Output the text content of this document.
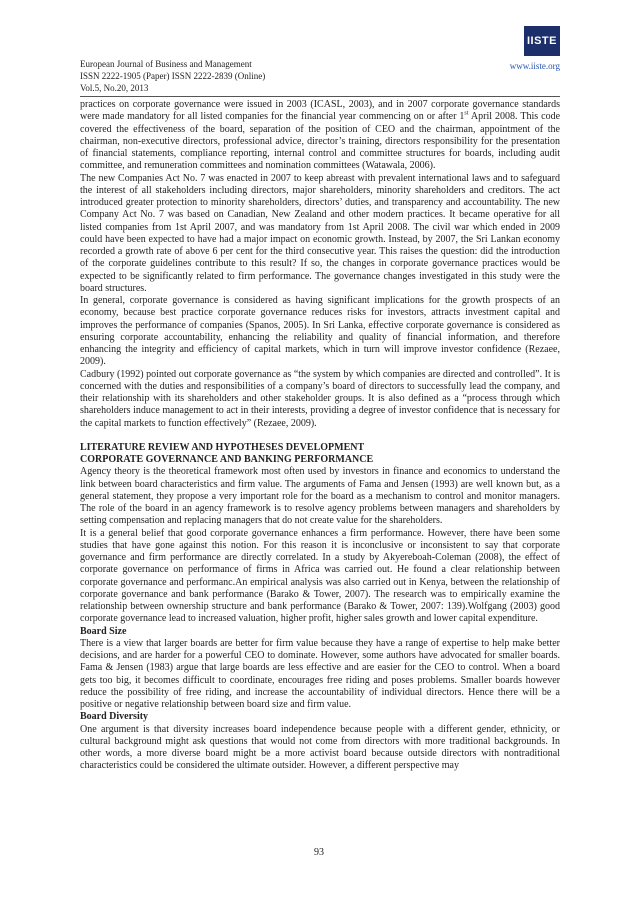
European Journal of Business and Management
ISSN 2222-1905 (Paper) ISSN 2222-2839 (Online)
Vol.5, No.20, 2013
IISTE
www.iiste.org

practices on corporate governance were issued in 2003 (ICASL, 2003), and in 2007 corporate governance standards were made mandatory for all listed companies for the financial year commencing on or after 1st April 2008. This code covered the effectiveness of the board, separation of the position of CEO and the chairman, appointment of the chairman, non-executive directors, professional advice, director’s training, directors responsibility for the presentation of financial statements, compliance reporting, internal control and committee structures for boards, including audit committee, and remuneration committees and nomination committees (Watawala, 2006).

The new Companies Act No. 7 was enacted in 2007 to keep abreast with prevalent international laws and to safeguard the interest of all stakeholders including directors, major shareholders, minority shareholders and creditors. The act introduced greater protection to minority shareholders, directors’ duties, and transparency and accountability. The new Company Act No. 7 was based on Canadian, New Zealand and other modern practices. It became operative for all listed companies from 1st April 2007, and was mandatory from 1st April 2008. The civil war which ended in 2009 could have been expected to have had a major impact on economic growth. Instead, by 2007, the Sri Lankan economy recorded a growth rate of above 6 per cent for the third consecutive year. This raises the question: did the introduction of the corporate guidelines contribute to this result? If so, the changes in corporate governance practices would be expected to be significantly related to firm performance. The governance changes investigated in this study were the board structures.

In general, corporate governance is considered as having significant implications for the growth prospects of an economy, because best practice corporate governance reduces risks for investors, attracts investment capital and improves the performance of companies (Spanos, 2005). In Sri Lanka, effective corporate governance is considered as ensuring corporate accountability, enhancing the reliability and quality of financial information, and therefore enhancing the integrity and efficiency of capital markets, which in turn will improve investor confidence (Rezaee, 2009).

Cadbury (1992) pointed out corporate governance as “the system by which companies are directed and controlled”. It is concerned with the duties and responsibilities of a company’s board of directors to successfully lead the company, and their relationship with its shareholders and other stakeholder groups. It is also defined as a “process through which shareholders induce management to act in their interests, providing a degree of investor confidence that is necessary for the capital markets to function effectively” (Rezaee, 2009).

LITERATURE REVIEW AND HYPOTHESES DEVELOPMENT

CORPORATE GOVERNANCE AND BANKING PERFORMANCE

Agency theory is the theoretical framework most often used by investors in finance and economics to understand the link between board characteristics and firm value. The arguments of Fama and Jensen (1993) are well known but, as a general statement, they propose a very important role for the board as a mechanism to control and monitor managers. The role of the board in an agency framework is to resolve agency problems between managers and shareholders by setting compensation and replacing managers that do not create value for the shareholders.

It is a general belief that good corporate governance enhances a firm performance. However, there have been some studies that have gone against this notion. For this reason it is inconclusive or inconsistent to say that corporate governance and firm performance are directly correlated. In a study by Akyereboah-Coleman (2008), the effect of corporate governance on performance of firms in Africa was carried out. He found a clear relationship between corporate governance and performanc.An empirical analysis was also carried out in Kenya, between the relationship of corporate governance and bank performance (Barako & Tower, 2007). The research was to empirically examine the relationship between ownership structure and bank performance (Barako & Tower, 2007: 139).Wolfgang (2003) good corporate governance lead to increased valuation, higher profit, higher sales growth and lower capital expenditure.

Board Size

There is a view that larger boards are better for firm value because they have a range of expertise to help make better decisions, and are harder for a powerful CEO to dominate. However, some authors have advocated for smaller boards. Fama & Jensen (1983) argue that large boards are less effective and are easier for the CEO to control. When a board gets too big, it becomes difficult to coordinate, encourages free riding and poses problems. Smaller boards however reduce the possibility of free riding, and increase the accountability of individual directors. Hence there will be a positive or negative relationship between board size and firm value.

Board Diversity

One argument is that diversity increases board independence because people with a different gender, ethnicity, or cultural background might ask questions that would not come from directors with more traditional backgrounds. In other words, a more diverse board might be a more activist board because outside directors with nontraditional characteristics could be considered the ultimate outsider. However, a different perspective may

93
